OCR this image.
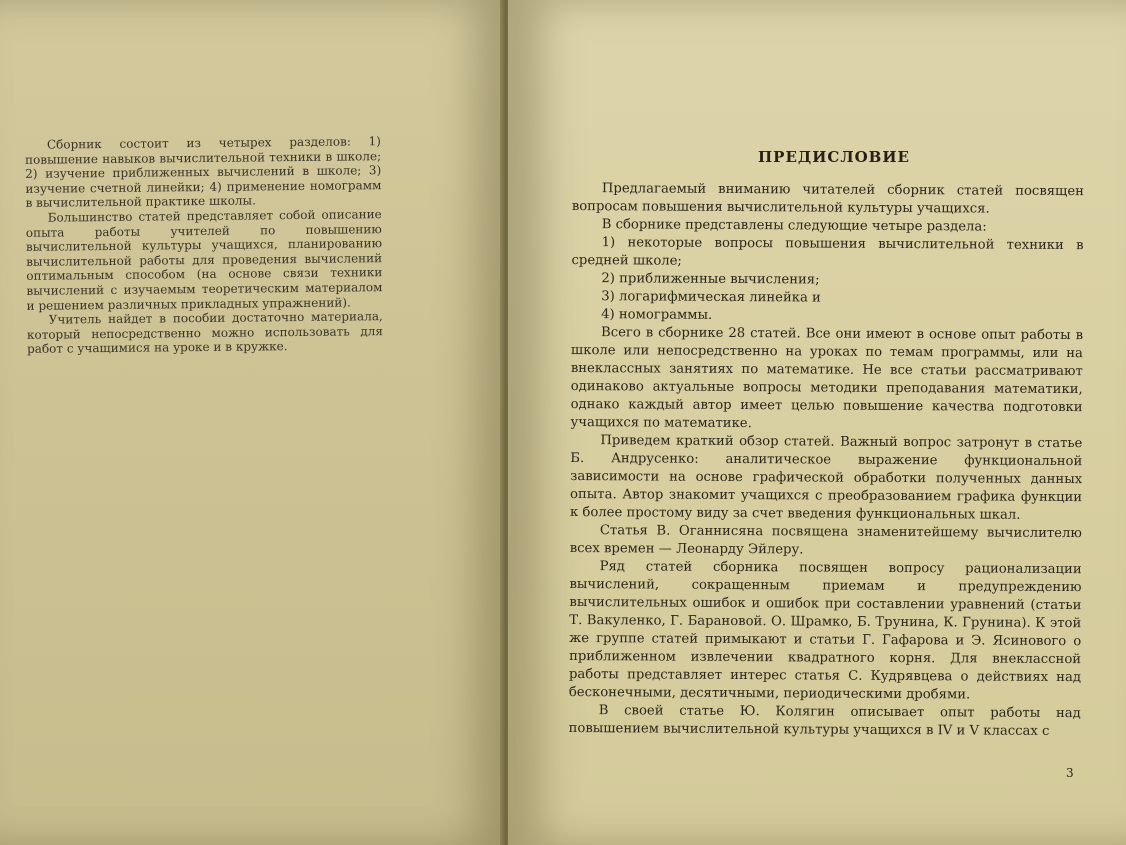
Сборник состоит из четырех разделов: 1) повышение навыков вычислительной техники в школе; 2) изучение приближенных вычислений в школе; 3) изучение счетной линейки; 4) применение номограмм в вычислительной практике школы.

Большинство статей представляет собой описание опыта работы учителей по повышению вычислительной культуры учащихся, планированию вычислительной работы для проведения вычислений оптимальным способом (на основе связи техники вычислений с изучаемым теоретическим материалом и решением различных прикладных упражнений).

Учитель найдет в пособии достаточно материала, который непосредственно можно использовать для работ с учащимися на уроке и в кружке.

ПРЕДИСЛОВИЕ

Предлагаемый вниманию читателей сборник статей посвящен вопросам повышения вычислительной культуры учащихся.

В сборнике представлены следующие четыре раздела:

1) некоторые вопросы повышения вычислительной техники в средней школе;

2) приближенные вычисления;

3) логарифмическая линейка и

4) номограммы.

Всего в сборнике 28 статей. Все они имеют в основе опыт работы в школе или непосредственно на уроках по темам программы, или на внеклассных занятиях по математике. Не все статьи рассматривают одинаково актуальные вопросы методики преподавания математики, однако каждый автор имеет целью повышение качества подготовки учащихся по математике.

Приведем краткий обзор статей. Важный вопрос затронут в статье Б. Андрусенко: аналитическое выражение функциональной зависимости на основе графической обработки полученных данных опыта. Автор знакомит учащихся с преобразованием графика функции к более простому виду за счет введения функциональных шкал.

Статья В. Оганнисяна посвящена знаменитейшему вычислителю всех времен — Леонарду Эйлеру.

Ряд статей сборника посвящен вопросу рационализации вычислений, сокращенным приемам и предупреждению вычислительных ошибок и ошибок при составлении уравнений (статьи Т. Вакуленко, Г. Барановой. О. Шрамко, Б. Трунина, К. Грунина). К этой же группе статей примыкают и статьи Г. Гафарова и Э. Ясинового о приближенном извлечении квадратного корня. Для внеклассной работы представляет интерес статья С. Кудрявцева о действиях над бесконечными, десятичными, периодическими дробями.

В своей статье Ю. Колягин описывает опыт работы над повышением вычислительной культуры учащихся в IV и V классах с

3
